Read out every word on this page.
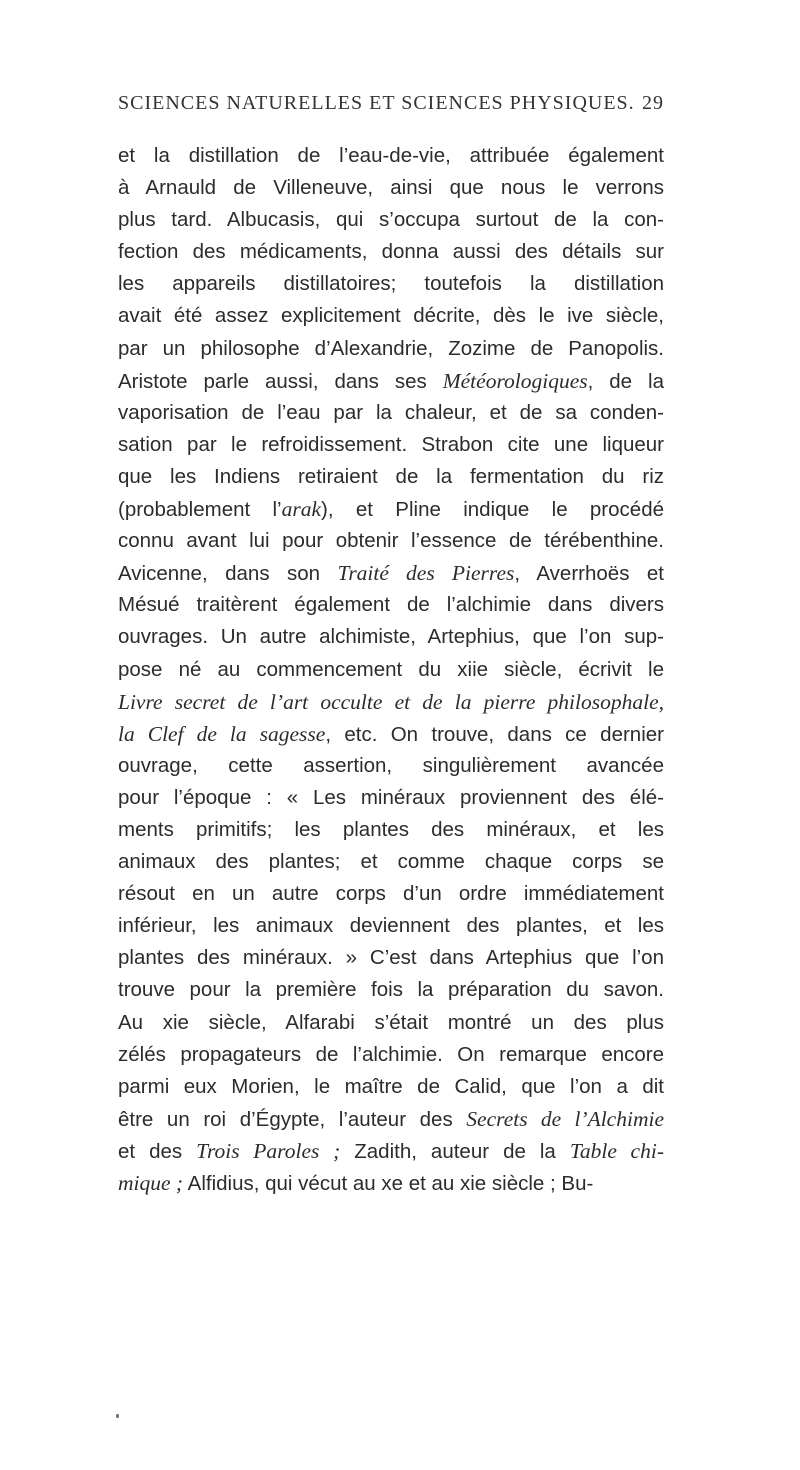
SCIENCES NATURELLES ET SCIENCES PHYSIQUES. 29
et la distillation de l’eau-de-vie, attribuée également
à Arnauld de Villeneuve, ainsi que nous le verrons
plus tard. Albucasis, qui s’occupa surtout de la con-
fection des médicaments, donna aussi des détails sur
les appareils distillatoires; toutefois la distillation
avait été assez explicitement décrite, dès le ive siècle,
par un philosophe d’Alexandrie, Zozime de Panopolis.
Aristote parle aussi, dans ses Météorologiques, de la
vaporisation de l’eau par la chaleur, et de sa conden-
sation par le refroidissement. Strabon cite une liqueur
que les Indiens retiraient de la fermentation du riz
(probablement l’arak), et Pline indique le procédé
connu avant lui pour obtenir l’essence de térébenthine.
Avicenne, dans son Traité des Pierres, Averrhoës et
Mésué traitèrent également de l’alchimie dans divers
ouvrages. Un autre alchimiste, Artephius, que l’on sup-
pose né au commencement du xiie siècle, écrivit le
Livre secret de l’art occulte et de la pierre philosophale,
la Clef de la sagesse, etc. On trouve, dans ce dernier
ouvrage, cette assertion, singulièrement avancée
pour l’époque : « Les minéraux proviennent des élé-
ments primitifs; les plantes des minéraux, et les
animaux des plantes; et comme chaque corps se
résout en un autre corps d’un ordre immédiatement
inférieur, les animaux deviennent des plantes, et les
plantes des minéraux. » C’est dans Artephius que l’on
trouve pour la première fois la préparation du savon.
Au xie siècle, Alfarabi s’était montré un des plus
zélés propagateurs de l’alchimie. On remarque encore
parmi eux Morien, le maître de Calid, que l’on a dit
être un roi d’Égypte, l’auteur des Secrets de l’Alchimie
et des Trois Paroles ; Zadith, auteur de la Table chi-
mique ; Alfidius, qui vécut au xe et au xie siècle ; Bu-
